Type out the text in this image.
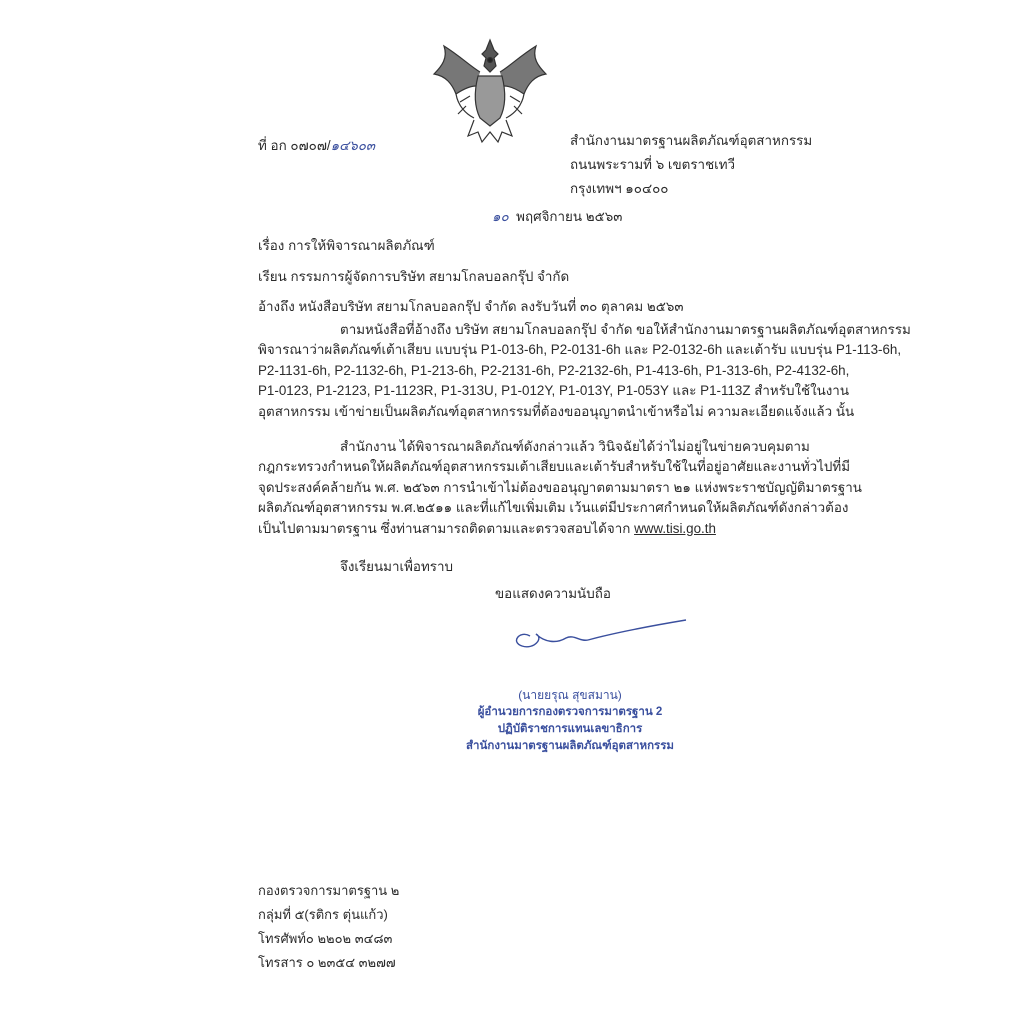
ที่ อก ๐๗๐๗/๑๔๖๐๓	สำนักงานมาตรฐานผลิตภัณฑ์อุตสาหกรรม
ถนนพระรามที่ ๖ เขตราชเทวี
กรุงเทพฯ ๑๐๔๐๐
๑๐ พฤศจิกายน ๒๕๖๓
เรื่อง การให้พิจารณาผลิตภัณฑ์
เรียน กรรมการผู้จัดการบริษัท สยามโกลบอลกรุ๊ป จำกัด
อ้างถึง หนังสือบริษัท สยามโกลบอลกรุ๊ป จำกัด ลงรับวันที่ ๓๐ ตุลาคม ๒๕๖๓
ตามหนังสือที่อ้างถึง บริษัท สยามโกลบอลกรุ๊ป จำกัด ขอให้สำนักงานมาตรฐานผลิตภัณฑ์อุตสาหกรรม
พิจารณาว่าผลิตภัณฑ์เต้าเสียบ แบบรุ่น P1-013-6h, P2-0131-6h และ P2-0132-6h และเต้ารับ แบบรุ่น P1-113-6h,
P2-1131-6h, P2-1132-6h, P1-213-6h, P2-2131-6h, P2-2132-6h, P1-413-6h, P1-313-6h, P2-4132-6h,
P1-0123, P1-2123, P1-1123R, P1-313U, P1-012Y, P1-013Y, P1-053Y และ P1-113Z สำหรับใช้ในงาน
อุตสาหกรรม เข้าข่ายเป็นผลิตภัณฑ์อุตสาหกรรมที่ต้องขออนุญาตนำเข้าหรือไม่ ความละเอียดแจ้งแล้ว นั้น
สำนักงาน ได้พิจารณาผลิตภัณฑ์ดังกล่าวแล้ว วินิจฉัยได้ว่าไม่อยู่ในข่ายควบคุมตาม
กฎกระทรวงกำหนดให้ผลิตภัณฑ์อุตสาหกรรมเต้าเสียบและเต้ารับสำหรับใช้ในที่อยู่อาศัยและงานทั่วไปที่มี
จุดประสงค์คล้ายกัน พ.ศ. ๒๕๖๓ การนำเข้าไม่ต้องขออนุญาตตามมาตรา ๒๑ แห่งพระราชบัญญัติมาตรฐาน
ผลิตภัณฑ์อุตสาหกรรม พ.ศ.๒๕๑๑ และที่แก้ไขเพิ่มเติม เว้นแต่มีประกาศกำหนดให้ผลิตภัณฑ์ดังกล่าวต้อง
เป็นไปตามมาตรฐาน ซึ่งท่านสามารถติดตามและตรวจสอบได้จาก www.tisi.go.th
จึงเรียนมาเพื่อทราบ
ขอแสดงความนับถือ
(นายยรุณ สุขสมาน)
ผู้อำนวยการกองตรวจการมาตรฐาน 2
ปฏิบัติราชการแทนเลขาธิการ
สำนักงานมาตรฐานผลิตภัณฑ์อุตสาหกรรม
กองตรวจการมาตรฐาน ๒
กลุ่มที่ ๕(รติกร ตุ่นแก้ว)
โทรศัพท์๐ ๒๒๐๒ ๓๔๘๓
โทรสาร ๐ ๒๓๕๔ ๓๒๗๗
